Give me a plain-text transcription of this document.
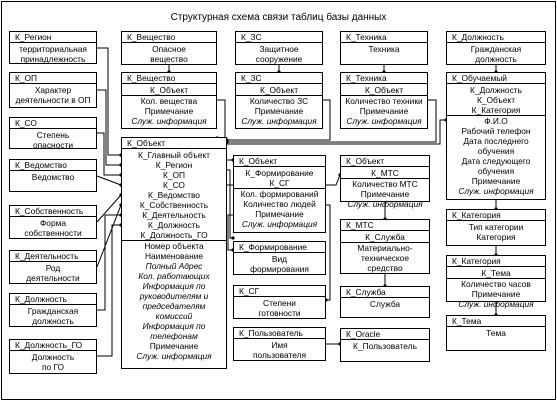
Структурная схема связи таблиц базы данных
К_Регион
территориальная
принадлежность
К_ОП
Характер
деятельности в ОП
К_СО
Степень
опасности
К_Ведомство
Ведомство
К_Собственность
Форма
собственности
К_Деятельность
Род
деятельности
К_Должность
Гражданская
должность
К_Должность_ГО
Должность
по ГО
К_Вещество
Опасное
вещество
К_ЗС
Защитное
сооружение
К_Техника
Техника
К_Должность
Гражданская
должность
К_Вещество
К_Объект
Кол. вещества
Примечание
Служ. информация
К_ЗС
К_Объект
Количество ЗС
Примечание
Служ. информация
К_Техника
К_Объект
Количество техники
Примечание
Служ. информация
К_Обучаемый
К_Должность
К_Объект
К_Категория
Ф.И.О
Рабочий телефон
Дата последнего
обучения
Дата следующего
обучения
Примечание
Служ. информация
К_Объект
К_Главный объект
К_Регион
К_ОП
К_СО
К_Ведомство
К_Собственность
К_Деятельность
К_Должность
К_Должность_ГО
Номер объекта
Наименование
Полный Адрес
Кол. работающих
Информация по
руководителям и
председателям
комиссий
Информация по
телефонам
Примечание
Служ. информация
К_Объект
К_Формирование
К_СГ
Кол. формирований
Количество людей
Примечание
Служ. информация
К_Объект
К_МТС
Количество МТС
Примечание
Служ. информация
К_Категория
Тип категории
Категория
К_Категория
К_Тема
Количество часов
Примечание
Служ. информация
К_МТС
К_Служба
Материально-
техническое
средство
К_Формирование
Вид
формирования
К_СГ
Степени
готовности
К_Служба
Служба
К_Тема
Тема
К_Пользователь
Имя
пользователя
К_Oracle
К_Пользователь
